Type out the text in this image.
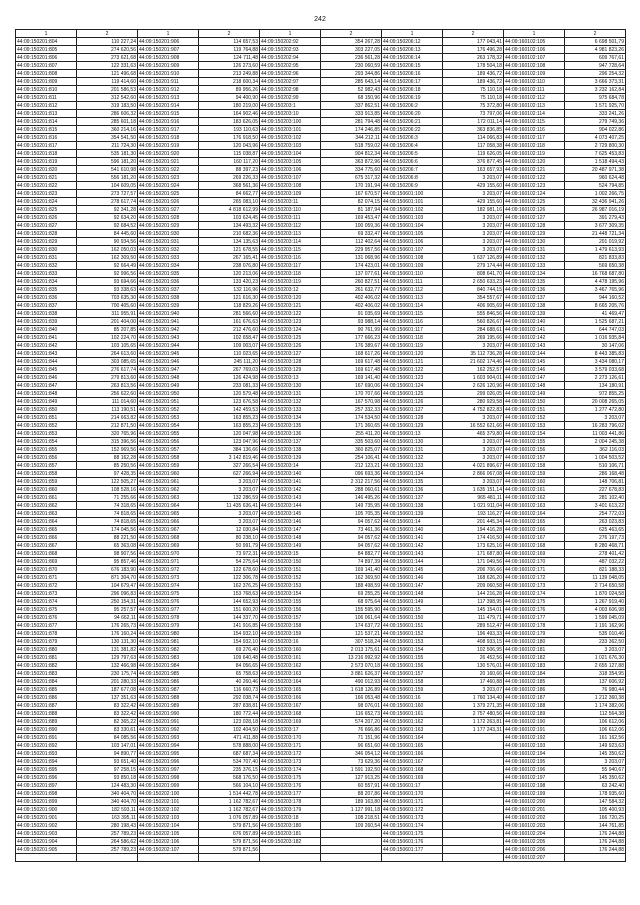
242
1	2	1	2	1	2	1	2	1	2
44:09:150201:804	110 227,24	44:09:150201:906	114 657,53	44:09:150202:92	354 267,28	44:09:150206:12	177 043,41	44:09:160102:105	6 698 501,79
44:09:150201:805	274 620,56	44:09:150201:907	119 764,88	44:09:150202:93	303 227,05	44:09:150206:13	176 496,28	44:09:160102:106	4 981 823,26
44:09:150201:806	273 621,68	44:09:150201:908	124 711,48	44:09:150202:94	236 561,28	44:09:150206:14	263 178,32	44:09:160102:107	609 767,61
44:09:150201:807	122 331,63	44:09:150201:909	126 273,60	44:09:150202:95	230 060,59	44:09:150206:15	178 504,18	44:09:160102:108	947 728,64
44:09:150201:808	121 496,68	44:09:150201:910	213 249,88	44:09:150202:96	293 344,86	44:09:150206:16	189 436,72	44:09:160102:109	296 254,32
44:09:150201:809	119 414,60	44:09:150201:911	218 600,34	44:09:150202:97	285 643,14	44:09:150206:17	189 436,72	44:09:160102:110	3 666 373,31
44:09:150201:810	201 586,53	44:09:150201:912	89 956,26	44:09:150202:98	52 982,43	44:09:150206:18	75 110,18	44:09:160102:111	3 232 162,84
44:09:150201:811	312 542,60	44:09:150201:913	94 400,90	44:09:150202:99	68 150,96	44:09:150206:19	75 110,18	44:09:160102:112	975 684,78
44:09:150201:812	319 183,50	44:09:150201:914	180 219,00	44:09:150203:1	337 862,51	44:09:150206:2	75 372,80	44:09:160102:113	1 571 925,70
44:09:150201:813	286 606,32	44:09:150201:915	164 902,46	44:09:150203:10	333 913,85	44:09:150206:20	73 797,06	44:09:160102:114	333 241,26
44:09:150201:814	285 601,18	44:09:150201:916	183 626,05	44:09:150203:100	281 794,48	44:09:150206:21	172 011,14	44:09:160102:115	279 749,36
44:09:150201:815	360 214,16	44:09:150201:917	193 110,63	44:09:150203:101	174 246,85	44:09:150206:22	363 836,85	44:09:160102:116	904 022,86
44:09:150201:816	354 541,50	44:09:150201:918	176 918,50	44:09:150203:102	344 212,11	44:09:150206:3	114 066,83	44:09:160102:117	4 073 407,25
44:09:150201:817	211 724,30	44:09:150201:919	120 043,96	44:09:150203:103	518 759,02	44:09:150206:4	117 058,38	44:09:160102:118	2 729 800,30
44:09:150201:818	535 181,30	44:09:150201:920	115 038,87	44:09:150203:104	904 812,34	44:09:150206:5	119 626,05	44:09:160102:119	7 625 453,83
44:09:150201:819	596 181,20	44:09:150201:921	160 117,20	44:09:150203:105	363 872,96	44:09:150206:6	376 877,45	44:09:160102:120	1 518 494,43
44:09:150201:820	541 610,98	44:09:150201:922	88 397,23	44:09:150203:106	334 775,60	44:09:150206:7	163 657,93	44:09:160102:121	20 487 971,38
44:09:150201:821	556 181,20	44:09:150201:923	269 226,33	44:09:150203:107	675 317,32	44:09:150206:8	3 203,07	44:09:160102:122	960 624,48
44:09:150201:822	104 609,05	44:09:150201:924	368 561,36	44:09:150203:108	170 191,94	44:09:150206:9	429 155,60	44:09:160102:123	524 794,85
44:09:150201:823	273 727,57	44:09:150201:925	84 662,77	44:09:150203:109	167 670,57	44:09:150601:100	3 203,07	44:09:160102:124	1 002 266,75
44:09:150201:824	278 617,74	44:09:150201:926	265 083,10	44:09:150203:11	82 074,15	44:09:150601:101	429 155,60	44:09:160102:125	32 436 941,26
44:09:150201:825	92 341,28	44:09:150201:927	4 818 612,99	44:09:150203:110	81 187,94	44:09:150601:102	182 981,16	44:09:160102:126	26 987 016,19
44:09:150201:826	92 634,20	44:09:150201:928	103 624,45	44:09:150203:111	169 453,47	44:09:150601:103	3 203,07	44:09:160102:127	391 279,43
44:09:150201:827	92 684,52	44:09:150201:929	134 493,32	44:09:150203:112	100 059,36	44:09:150601:104	3 203,07	44:09:160102:128	3 677 309,35
44:09:150201:828	84 445,60	44:09:150201:930	210 682,36	44:09:150203:113	69 332,47	44:09:150601:105	3 203,07	44:09:160102:129	21 448 721,34
44:09:150201:829	90 934,56	44:09:150201:931	134 135,63	44:09:150203:114	112 402,64	44:09:150601:106	3 203,07	44:09:160102:130	201 019,92
44:09:150201:830	162 050,03	44:09:150201:932	121 678,55	44:09:150203:115	229 957,56	44:09:150601:107	3 203,07	44:09:160102:131	1 479 613,93
44:09:150201:831	162 309,50	44:09:150201:933	267 165,41	44:09:150203:116	131 068,96	44:09:150601:108	1 637 126,89	44:09:160102:132	821 833,83
44:09:150201:832	92 664,49	44:09:150201:934	238 076,80	44:09:150203:117	174 423,01	44:09:150601:109	279 174,44	44:09:160102:133	569 650,38
44:09:150201:833	92 996,56	44:09:150201:935	120 213,06	44:09:150203:118	137 077,61	44:09:150601:110	808 641,70	44:09:160102:134	16 768 687,80
44:09:150201:834	93 694,66	44:09:150201:936	133 420,23	44:09:150203:119	260 827,51	44:09:150601:111	2 650 633,23	44:09:160102:135	4 478 195,96
44:09:150201:835	93 338,63	44:09:150201:937	132 116,96	44:09:150203:12	261 632,77	44:09:150601:112	840 744,15	44:09:160102:136	3 467 765,96
44:09:150201:836	703 635,30	44:09:150201:938	121 616,30	44:09:150203:120	402 406,02	44:09:150601:113	354 557,67	44:09:160102:137	944 160,52
44:09:150201:837	700 405,60	44:09:150201:939	118 829,26	44:09:150203:121	402 406,02	44:09:150601:114	406 905,69	44:09:160102:138	8 665 205,76
44:09:150201:838	311 955,91	44:09:150201:940	281 566,60	44:09:150203:122	91 035,69	44:09:150601:115	555 846,56	44:09:160102:139	41 469,47
44:09:150201:839	201 404,00	44:09:150201:941	161 676,63	44:09:150203:123	93 988,14	44:09:150601:116	560 826,67	44:09:160102:140	1 525 687,21
44:09:150201:840	85 207,85	44:09:150201:942	212 476,60	44:09:150203:124	90 761,99	44:09:150601:117	284 688,61	44:09:160102:141	644 747,03
44:09:150201:841	102 224,70	44:09:150201:943	102 658,47	44:09:150203:125	177 666,23	44:09:150601:118	269 195,66	44:09:160102:142	1 016 935,84
44:09:150201:842	103 105,65	44:09:150201:944	109 003,07	44:09:150203:126	176 389,67	44:09:150601:119	3 203,07	44:09:160102:143	30 147,06
44:09:150201:843	264 613,60	44:09:150201:945	110 023,65	44:09:150203:127	168 617,26	44:09:150601:120	35 112 736,28	44:09:160102:144	8 443 385,83
44:09:150201:844	303 085,65	44:09:150201:946	245 111,20	44:09:150203:128	169 617,48	44:09:150601:121	21 602 174,46	44:09:160102:145	3 434 080,17
44:09:150201:845	276 617,74	44:09:150201:947	267 769,03	44:09:150203:129	169 617,48	44:09:150601:122	162 252,57	44:09:160102:146	3 579 033,68
44:09:150201:846	279 813,60	44:09:150201:948	126 424,98	44:09:150203:13	169 141,40	44:09:150601:123	1 603 904,01	44:09:160102:147	2 273 126,61
44:09:150201:847	263 813,56	44:09:150201:949	233 081,33	44:09:150203:130	167 690,06	44:09:150601:124	2 626 120,96	44:09:160102:148	134 180,91
44:09:150201:848	256 622,60	44:09:150201:950	120 579,48	44:09:150203:131	170 707,66	44:09:150601:125	299 026,05	44:09:160102:149	972 855,25
44:09:150201:849	111 014,60	44:09:150201:951	123 676,58	44:09:150203:132	167 570,98	44:09:150601:126	280 929,58	44:09:160102:150	20 008 265,05
44:09:150201:850	113 190,51	44:09:150201:952	142 459,53	44:09:150203:133	257 332,33	44:09:150601:127	4 752 822,83	44:09:160102:151	1 277 472,80
44:09:150201:851	214 663,82	44:09:150201:953	163 855,23	44:09:150203:134	174 534,50	44:09:150601:128	3 203,07	44:09:160102:152	3 203,07
44:09:150201:852	212 871,50	44:09:150201:954	163 855,23	44:09:150203:135	171 360,65	44:09:150601:129	16 552 621,66	44:09:160102:153	16 283 796,02
44:09:150201:853	320 765,96	44:09:150201:955	120 047,98	44:09:150203:136	255 411,20	44:09:150601:13	465 379,80	44:09:160102:154	11 003 441,86
44:09:150201:854	315 396,56	44:09:150201:956	123 047,96	44:09:150203:137	335 503,60	44:09:150601:130	3 203,07	44:09:160102:155	2 004 245,38
44:09:150201:855	152 969,56	44:09:150201:957	384 136,66	44:09:150203:138	360 825,07	44:09:150601:131	3 203,07	44:09:160102:156	362 116,03
44:09:150201:856	88 162,28	44:09:150201:958	3 142 819,46	44:09:150203:139	254 106,41	44:09:150601:132	3 203,07	44:09:160102:157	1 004 503,52
44:09:150201:857	85 250,56	44:09:150201:959	327 266,54	44:09:150203:14	212 123,21	44:09:150601:133	4 021 896,67	44:09:160102:158	510 106,71
44:09:150201:858	97 428,35	44:09:150201:960	627 266,94	44:09:150203:140	096 693,36	44:09:150601:134	2 866 067,08	44:09:160102:159	286 168,48
44:09:150201:859	122 505,27	44:09:150201:961	3 203,07	44:09:150203:141	2 312 217,56	44:09:150601:135	3 203,07	44:09:160102:160	148 706,81
44:09:150201:860	108 528,16	44:09:150201:962	3 203,07	44:09:150203:142	288 060,61	44:09:150601:136	1 635 151,14	44:09:160102:161	227 678,83
44:09:150201:861	71 255,66	44:09:150201:963	132 286,59	44:09:150203:143	146 495,26	44:09:150601:137	965 481,11	44:09:160102:162	281 102,40
44:09:150201:862	74 318,65	44:09:150201:964	11 435 636,41	44:09:150203:144	149 735,95	44:09:150601:138	1 021 911,04	44:09:160102:163	3 401 613,22
44:09:150201:863	74 818,65	44:09:150201:965	3 203,07	44:09:150203:145	105 705,35	44:09:150601:139	193 116,27	44:09:160102:164	254 772,03
44:09:150201:864	74 818,65	44:09:150201:966	3 203,07	44:09:150203:146	94 057,62	44:09:150601:14	201 445,34	44:09:160102:165	263 023,83
44:09:150201:865	174 045,56	44:09:150201:967	12 030,84	44:09:150203:147	73 461,36	44:09:150601:140	194 416,28	44:09:160102:166	625 463,65
44:09:150201:866	88 221,50	44:09:150201:968	80 238,10	44:09:150203:148	94 057,62	44:09:150601:141	174 416,50	44:09:160102:167	276 197,73
44:09:150201:867	65 363,08	44:09:150201:969	50 991,79	44:09:150203:149	94 057,62	44:09:150601:142	173 625,16	44:09:160102:168	8 280 468,71
44:09:150201:868	98 907,56	44:09:150201:970	73 972,31	44:09:150203:15	84 882,77	44:09:150601:143	171 687,80	44:09:160102:169	278 401,42
44:09:150201:869	95 857,46	44:09:150201:971	54 275,64	44:09:150203:150	74 897,39	44:09:150601:144	171 049,56	44:09:160102:170	487 032,22
44:09:150201:870	676 183,90	44:09:150201:972	122 678,60	44:09:150203:151	169 141,40	44:09:150601:145	206 706,66	44:09:160102:171	821 188,33
44:09:150201:871	871 304,70	44:09:150201:973	122 306,78	44:09:150203:152	162 369,50	44:09:150601:146	168 626,20	44:09:160102:172	11 139 048,05
44:09:150201:872	104 679,47	44:09:150201:974	162 376,25	44:09:150203:153	188 498,59	44:09:150601:147	209 060,58	44:09:160102:173	2 714 650,58
44:09:150201:873	296 096,83	44:09:150201:975	153 768,63	44:09:150203:154	69 255,25	44:09:150601:148	144 216,28	44:09:160102:174	1 870 024,58
44:09:150201:874	250 154,31	44:09:150201:976	144 652,93	44:09:150203:155	68 975,64	44:09:150601:149	117 398,95	44:09:160102:175	1 267 919,40
44:09:150201:875	95 257,57	44:09:150201:977	151 600,20	44:09:150203:156	155 595,90	44:09:150601:15	145 154,01	44:09:160102:176	4 003 606,98
44:09:150201:876	94 662,11	44:09:150201:978	144 337,70	44:09:150203:157	106 061,64	44:09:150601:150	111 479,71	44:09:160102:177	1 599 045,09
44:09:150201:877	176 265,73	44:09:150201:979	141 916,85	44:09:150203:158	174 637,72	44:09:150601:151	289 512,47	44:09:160102:178	1 191 162,96
44:09:150201:878	176 160,24	44:09:150201:980	154 932,10	44:09:150203:159	121 537,21	44:09:150601:152	196 493,33	44:09:160102:179	535 010,46
44:09:150201:879	130 131,30	44:09:150201:981	154 932,10	44:09:150203:16	307 518,24	44:09:150601:153	408 933,15	44:09:160102:180	233 362,50
44:09:150201:880	131 381,82	44:09:150201:982	69 276,40	44:09:150203:160	2 013 175,61	44:09:150601:154	102 506,95	44:09:160102:181	3 203,07
44:09:150201:881	129 797,63	44:09:150201:983	109 640,48	44:09:150203:161	13 216 992,92	44:09:150601:155	26 452,56	44:09:160102:182	1 021 676,30
44:09:150201:882	132 466,98	44:09:150201:984	84 056,65	44:09:150203:162	2 573 070,18	44:09:150601:156	130 576,01	44:09:160102:183	2 655 127,88
44:09:150201:883	230 175,74	44:09:150201:985	65 758,63	44:09:150203:163	3 881 626,37	44:09:150601:157	20 160,66	44:09:160102:184	318 354,95
44:09:150201:884	201 280,33	44:09:150201:986	40 260,46	44:09:150203:164	490 012,93	44:09:150601:158	17 460,88	44:09:160102:185	137 606,92
44:09:150201:885	187 677,08	44:09:150201:987	116 660,73	44:09:150203:165	1 618 126,89	44:09:150601:159	3 203,07	44:09:160102:186	76 980,44
44:09:150201:886	137 351,63	44:09:150201:988	292 038,74	44:09:150203:166	166 053,48	44:09:150601:16	1 760 134,40	44:09:160102:187	1 212 360,38
44:09:150201:887	83 322,42	44:09:150201:989	287 838,81	44:09:150203:167	98 076,01	44:09:150601:160	1 379 271,35	44:09:160102:188	1 174 382,06
44:09:150201:888	83 322,42	44:09:150201:990	180 772,44	44:09:150203:168	116 652,73	44:09:150601:161	2 757 480,56	44:09:160102:189	112 564,38
44:09:150201:889	82 365,22	44:09:150201:991	123 028,18	44:09:150203:169	574 207,20	44:09:150601:162	1 172 263,81	44:09:160102:190	106 612,06
44:09:150201:890	83 330,61	44:09:150201:992	102 404,50	44:09:150203:17	76 666,86	44:09:150601:163	1 177 243,31	44:09:160102:191	106 612,06
44:09:150201:891	84 085,56	44:09:150201:993	471 411,88	44:09:150203:170	71 151,96	44:09:150601:164		44:09:160102:192	161 162,56
44:09:150201:892	103 147,01	44:09:150201:994	578 888,00	44:09:150203:171	96 651,60	44:09:150601:165		44:09:160102:193	149 923,63
44:09:150201:893	94 890,77	44:09:150201:995	687 687,34	44:09:150203:172	346 054,12	44:09:150601:166		44:09:160102:194	145 350,62
44:09:150201:894	93 651,40	44:09:150201:996	534 707,40	44:09:150203:173	73 629,36	44:09:150601:167		44:09:160102:195	3 203,07
44:09:150201:895	97 258,15	44:09:150201:997	235 376,15	44:09:150203:174	1 591 192,50	44:09:150601:168		44:09:160102:196	55 940,67
44:09:150201:896	93 850,18	44:09:150201:998	568 176,50	44:09:150203:175	127 913,25	44:09:150601:169		44:09:160102:197	145 350,62
44:09:150201:897	124 483,30	44:09:150201:999	566 104,10	44:09:150203:176	60 557,91	44:09:150601:17		44:09:160102:198	63 242,40
44:09:150201:898	340 404,70	44:09:150202:100	1 514 442,78	44:09:150203:177	88 207,86	44:09:150601:170		44:09:160102:199	178 935,60
44:09:150201:899	340 404,70	44:09:150202:101	1 162 782,67	44:09:150203:178	189 163,80	44:09:150601:171		44:09:160102:200	147 584,32
44:09:150201:900	182 593,11	44:09:150202:102	1 162 782,67	44:09:150203:179	1 127 991,18	44:09:150601:172		44:09:160102:201	105 400,93
44:09:150201:901	163 395,11	44:09:150202:103	1 076 057,89	44:09:150203:18	108 218,51	44:09:150601:173		44:09:160102:202	166 720,25
44:09:150201:902	280 198,43	44:09:150202:104	579 871,56	44:09:150203:180	109 260,54	44:09:150601:174		44:09:160102:203	144 761,85
44:09:150201:903	257 789,23	44:09:150202:105	676 057,89	44:09:150203:181		44:09:150601:175		44:09:160102:204	176 244,88
44:09:150201:904	264 586,62	44:09:150202:106	579 871,56	44:09:150203:182		44:09:150601:176		44:09:160102:205	176 244,88
44:09:150201:905	257 789,23	44:09:150202:107	579 871,56			44:09:150601:177		44:09:160102:206	176 244,88
								44:09:160102:207	
